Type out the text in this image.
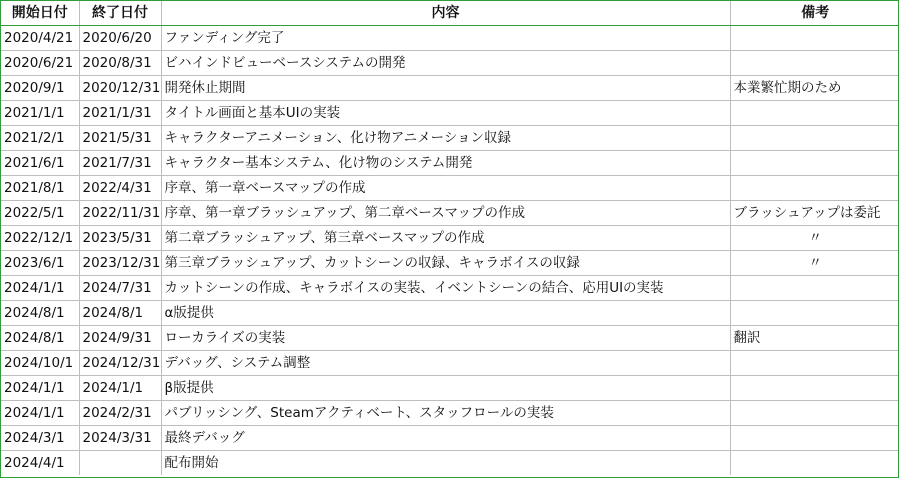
開始日付	終了日付	内容	備考
2020/4/21	2020/6/20	ファンディング完了	
2020/6/21	2020/8/31	ビハインドビューベースシステムの開発	
2020/9/1	2020/12/31	開発休止期間	本業繁忙期のため
2021/1/1	2021/1/31	タイトル画面と基本UIの実装	
2021/2/1	2021/5/31	キャラクターアニメーション、化け物アニメーション収録	
2021/6/1	2021/7/31	キャラクター基本システム、化け物のシステム開発	
2021/8/1	2022/4/31	序章、第一章ベースマップの作成	
2022/5/1	2022/11/31	序章、第一章ブラッシュアップ、第二章ベースマップの作成	ブラッシュアップは委託
2022/12/1	2023/5/31	第二章ブラッシュアップ、第三章ベースマップの作成	〃
2023/6/1	2023/12/31	第三章ブラッシュアップ、カットシーンの収録、キャラボイスの収録	〃
2024/1/1	2024/7/31	カットシーンの作成、キャラボイスの実装、イベントシーンの結合、応用UIの実装	
2024/8/1	2024/8/1	α版提供	
2024/8/1	2024/9/31	ローカライズの実装	翻訳
2024/10/1	2024/12/31	デバッグ、システム調整	
2024/1/1	2024/1/1	β版提供	
2024/1/1	2024/2/31	パブリッシング、Steamアクティベート、スタッフロールの実装	
2024/3/1	2024/3/31	最終デバッグ	
2024/4/1		配布開始	
